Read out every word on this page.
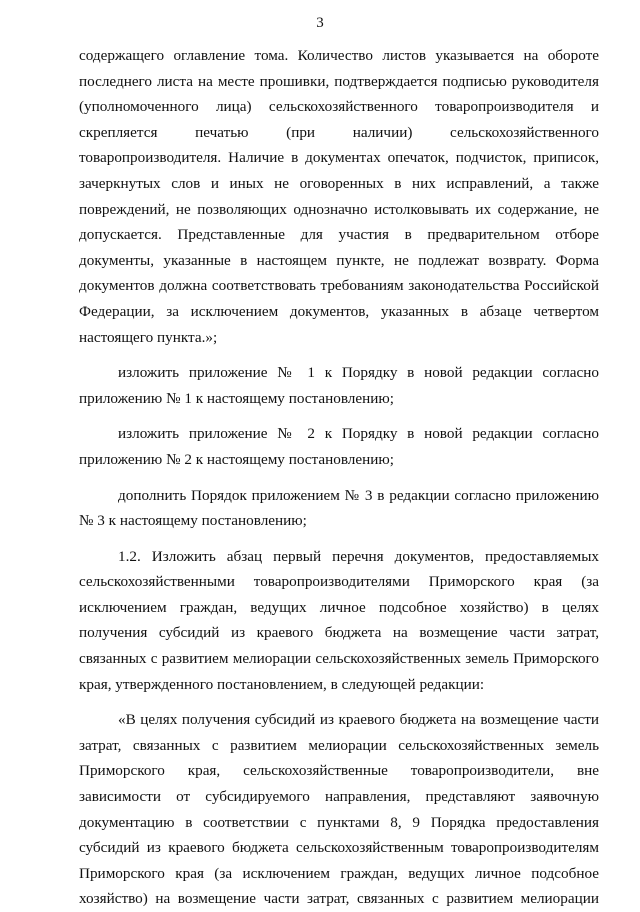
3

содержащего оглавление тома. Количество листов указывается на обороте последнего листа на месте прошивки, подтверждается подписью руководителя (уполномоченного лица) сельскохозяйственного товаропроизводителя и скрепляется печатью (при наличии) сельскохозяйственного товаропроизводителя. Наличие в документах опечаток, подчисток, приписок, зачеркнутых слов и иных не оговоренных в них исправлений, а также повреждений, не позволяющих однозначно истолковывать их содержание, не допускается. Представленные для участия в предварительном отборе документы, указанные в настоящем пункте, не подлежат возврату. Форма документов должна соответствовать требованиям законодательства Российской Федерации, за исключением документов, указанных в абзаце четвертом настоящего пункта.»;

изложить приложение № 1 к Порядку в новой редакции согласно приложению № 1 к настоящему постановлению;

изложить приложение № 2 к Порядку в новой редакции согласно приложению № 2 к настоящему постановлению;

дополнить Порядок приложением № 3 в редакции согласно приложению № 3 к настоящему постановлению;

1.2. Изложить абзац первый перечня документов, предоставляемых сельскохозяйственными товаропроизводителями Приморского края (за исключением граждан, ведущих личное подсобное хозяйство) в целях получения субсидий из краевого бюджета на возмещение части затрат, связанных с развитием мелиорации сельскохозяйственных земель Приморского края, утвержденного постановлением, в следующей редакции:

«В целях получения субсидий из краевого бюджета на возмещение части затрат, связанных с развитием мелиорации сельскохозяйственных земель Приморского края, сельскохозяйственные товаропроизводители, вне зависимости от субсидируемого направления, представляют заявочную документацию в соответствии с пунктами 8, 9 Порядка предоставления субсидий из краевого бюджета сельскохозяйственным товаропроизводителям Приморского края (за исключением граждан, ведущих личное подсобное хозяйство) на возмещение части затрат, связанных с развитием мелиорации
